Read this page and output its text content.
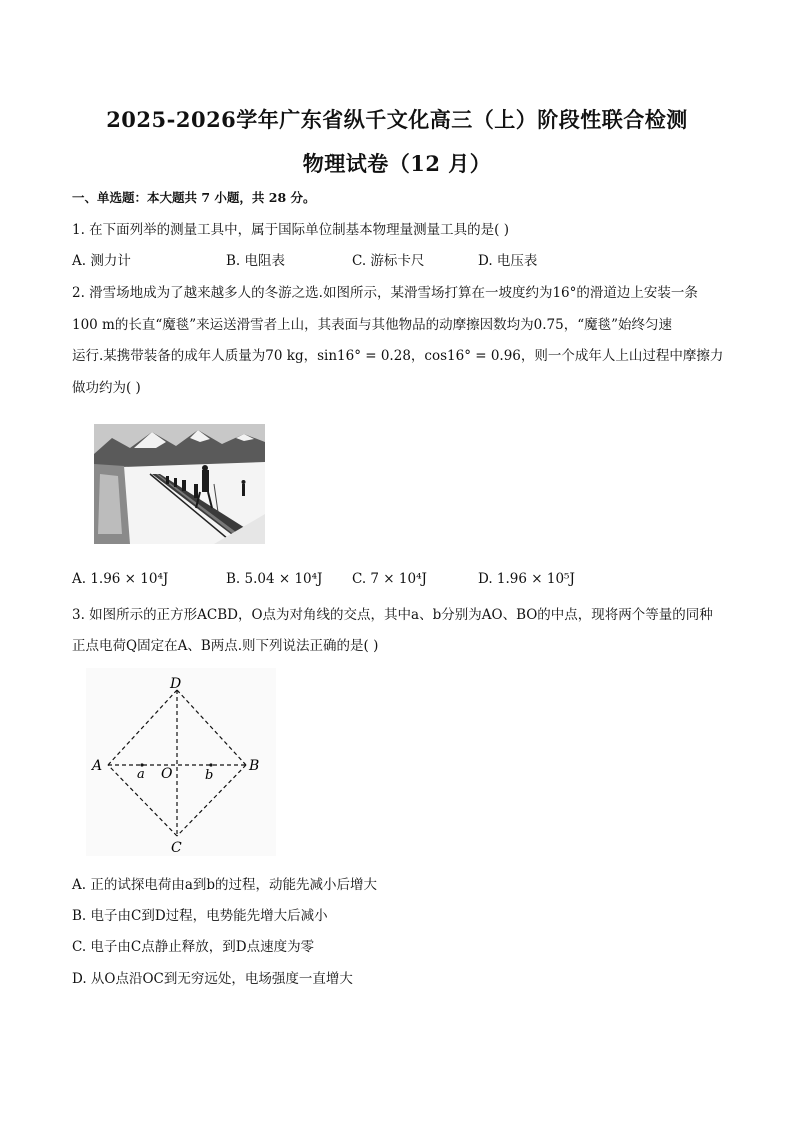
2025-2026学年广东省纵千文化高三（上）阶段性联合检测
物理试卷（12 月）
一、单选题：本大题共 7 小题，共 28 分。
1. 在下面列举的测量工具中，属于国际单位制基本物理量测量工具的是( )
A. 测力计	B. 电阻表	C. 游标卡尺	D. 电压表
2. 滑雪场地成为了越来越多人的冬游之选.如图所示，某滑雪场打算在一坡度约为16°的滑道边上安装一条
100 m的长直“魔毯”来运送滑雪者上山，其表面与其他物品的动摩擦因数均为0.75，“魔毯”始终匀速
运行.某携带装备的成年人质量为70 kg，sin16° = 0.28，cos16° = 0.96，则一个成年人上山过程中摩擦力
做功约为( )
A. 1.96 × 10⁴J	B. 5.04 × 10⁴J C. 7 × 10⁴J	D. 1.96 × 10⁵J
3. 如图所示的正方形ACBD，O点为对角线的交点，其中a、b分别为AO、BO的中点，现将两个等量的同种
正点电荷Q固定在A、B两点.则下列说法正确的是( )
D
A	B
C
O
a	b
A. 正的试探电荷由a到b的过程，动能先减小后增大
B. 电子由C到D过程，电势能先增大后减小
C. 电子由C点静止释放，到D点速度为零
D. 从O点沿OC到无穷远处，电场强度一直增大
